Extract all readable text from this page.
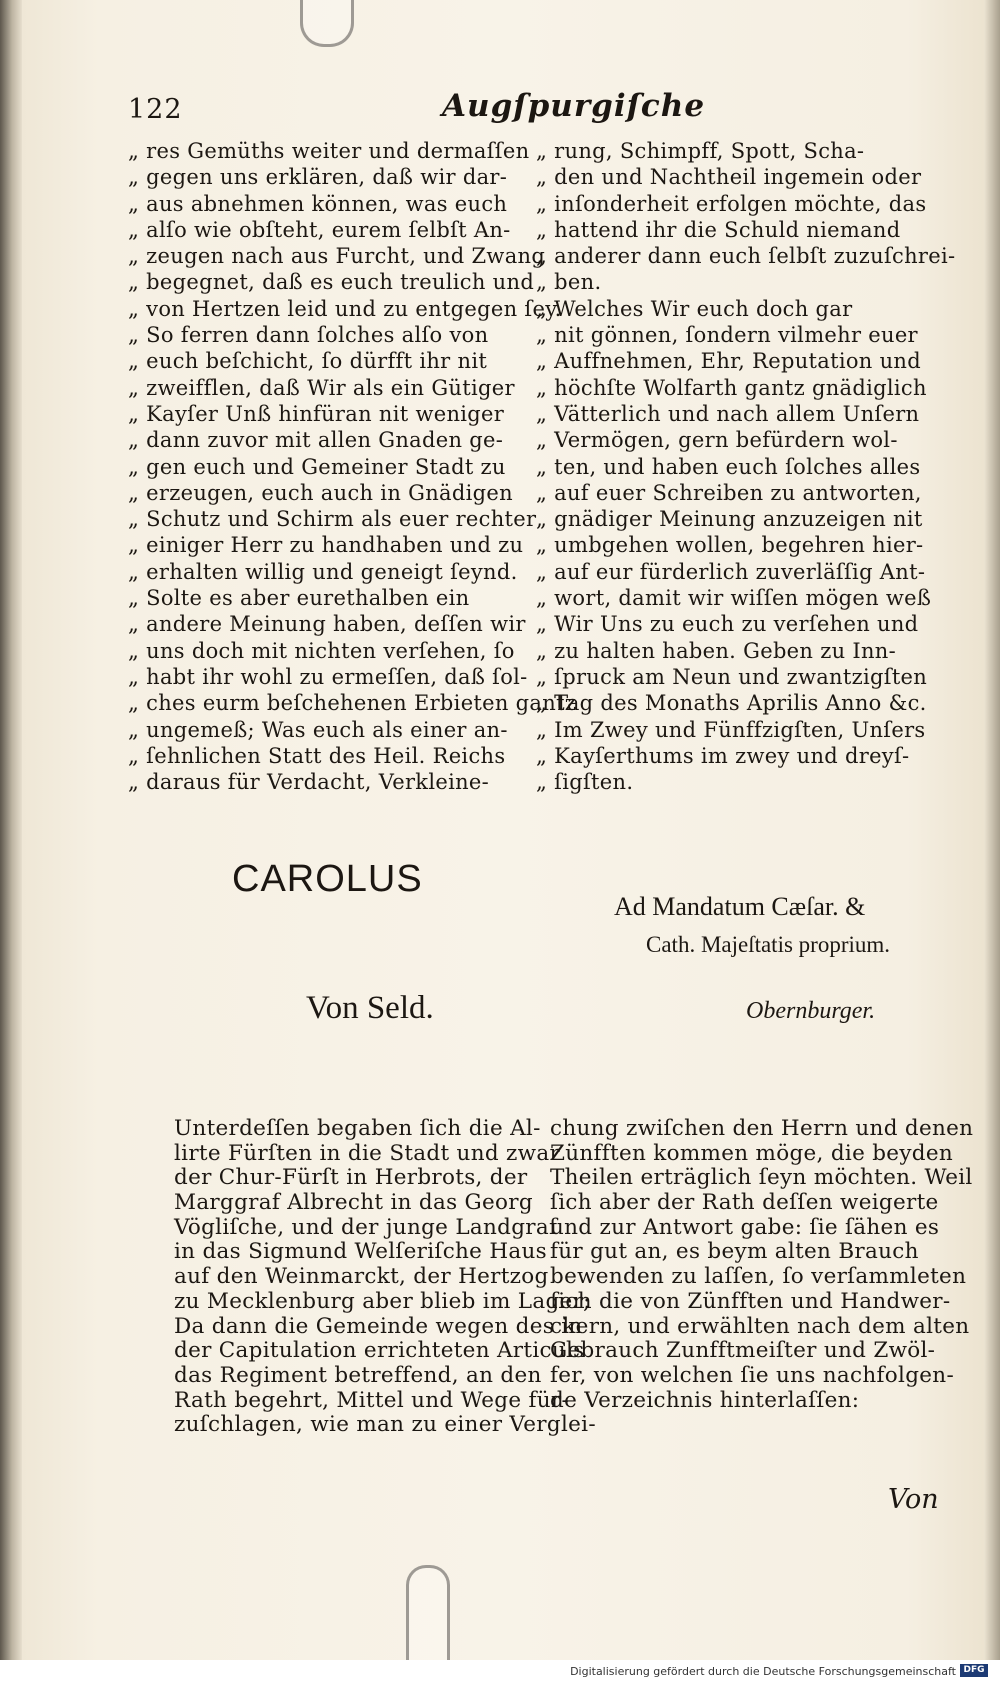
122	Augſpurgiſche
„ res Gemüths weiter und dermaſſen
„ gegen uns erklären, daß wir dar-
„ aus abnehmen können, was euch
„ alſo wie obſteht, eurem ſelbſt An-
„ zeugen nach aus Furcht, und Zwang
„ begegnet, daß es euch treulich und
„ von Hertzen leid und zu entgegen ſey.
„ So ferren dann ſolches alſo von
„ euch beſchicht, ſo dürfft ihr nit
„ zweifflen, daß Wir als ein Gütiger
„ Kayſer Unß hinfüran nit weniger
„ dann zuvor mit allen Gnaden ge-
„ gen euch und Gemeiner Stadt zu
„ erzeugen, euch auch in Gnädigen
„ Schutz und Schirm als euer rechter
„ einiger Herr zu handhaben und zu
„ erhalten willig und geneigt ſeynd.
„ Solte es aber eurethalben ein
„ andere Meinung haben, deſſen wir
„ uns doch mit nichten verſehen, ſo
„ habt ihr wohl zu ermeſſen, daß ſol-
„ ches eurm beſchehenen Erbieten gantz
„ ungemeß; Was euch als einer an-
„ ſehnlichen Statt des Heil. Reichs
„ daraus für Verdacht, Verkleine-
„ rung, Schimpff, Spott, Scha-
„ den und Nachtheil ingemein oder
„ inſonderheit erfolgen möchte, das
„ hattend ihr die Schuld niemand
„ anderer dann euch ſelbſt zuzuſchrei-
„ ben.
„ Welches Wir euch doch gar
„ nit gönnen, ſondern vilmehr euer
„ Auffnehmen, Ehr, Reputation und
„ höchſte Wolfarth gantz gnädiglich
„ Vätterlich und nach allem Unſern
„ Vermögen, gern befürdern wol-
„ ten, und haben euch ſolches alles
„ auf euer Schreiben zu antworten,
„ gnädiger Meinung anzuzeigen nit
„ umbgehen wollen, begehren hier-
„ auf eur fürderlich zuverläſſig Ant-
„ wort, damit wir wiſſen mögen weß
„ Wir Uns zu euch zu verſehen und
„ zu halten haben. Geben zu Inn-
„ ſpruck am Neun und zwantzigſten
„ Tag des Monaths Aprilis Anno &c.
„ Im Zwey und Fünffzigſten, Unſers
„ Kayſerthums im zwey und dreyſ-
„ ſigſten.
CAROLUS
Ad Mandatum Cæſar. &
Cath. Majeſtatis proprium.
Von Seld.	Obernburger.
Unterdeſſen begaben ſich die Al-
lirte Fürſten in die Stadt und zwar
der Chur-Fürſt in Herbrots, der
Marggraf Albrecht in das Georg
Vögliſche, und der junge Landgraf
in das Sigmund Welſeriſche Haus
auf den Weinmarckt, der Hertzog
zu Mecklenburg aber blieb im Lager;
Da dann die Gemeinde wegen des in
der Capitulation errichteten Articuls
das Regiment betreffend, an den
Rath begehrt, Mittel und Wege für-
zuſchlagen, wie man zu einer Verglei-
chung zwiſchen den Herrn und denen
Zünfften kommen möge, die beyden
Theilen erträglich ſeyn möchten. Weil
ſich aber der Rath deſſen weigerte
und zur Antwort gabe: ſie ſähen es
für gut an, es beym alten Brauch
bewenden zu laſſen, ſo verſammleten
ſich die von Zünfften und Handwer-
ckern, und erwählten nach dem alten
Gebrauch Zunfftmeiſter und Zwöl-
fer, von welchen ſie uns nachfolgen-
de Verzeichnis hinterlaſſen:
Von
Digitalisierung gefördert durch die Deutsche Forschungsgemeinschaft DFG
